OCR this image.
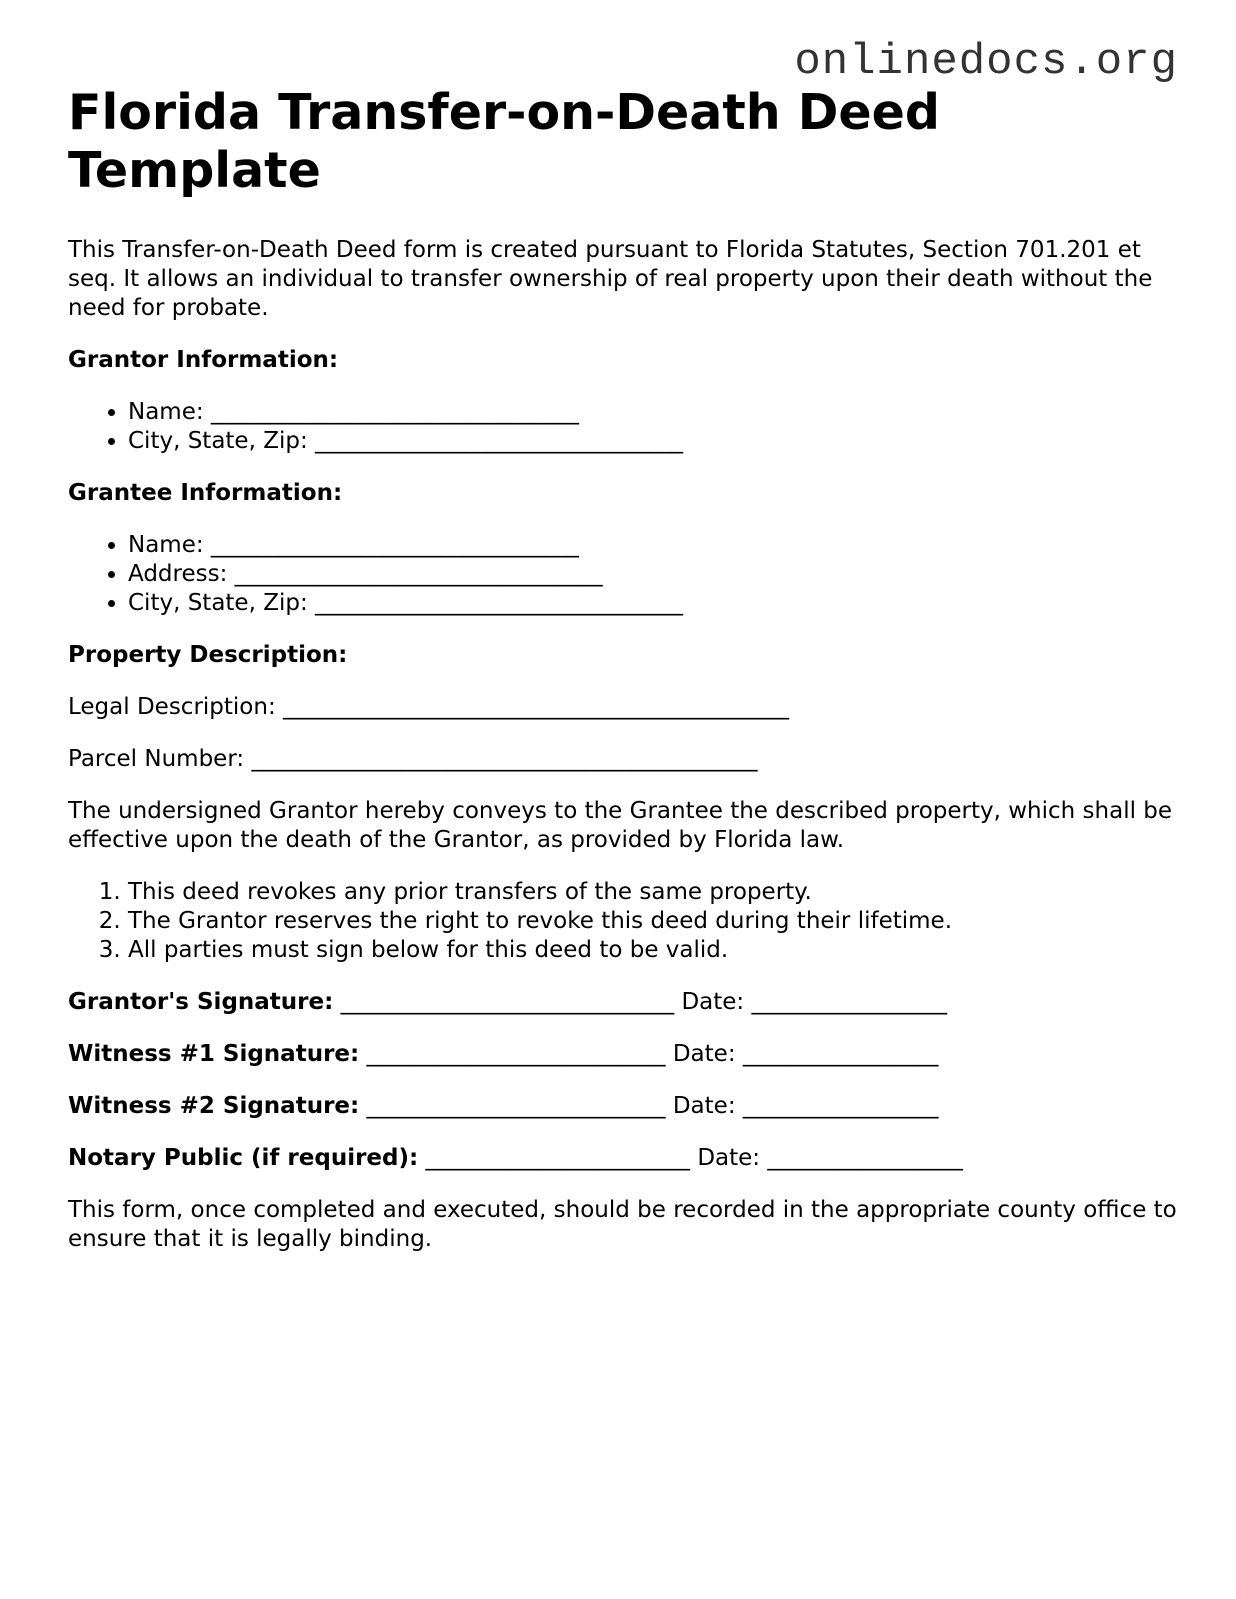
onlinedocs.org
Florida Transfer-on-Death Deed Template

This Transfer-on-Death Deed form is created pursuant to Florida Statutes, Section 701.201 et seq. It allows an individual to transfer ownership of real property upon their death without the need for probate.

Grantor Information:

• Name: ________________________________
• City, State, Zip: ________________________________

Grantee Information:

• Name: ________________________________
• Address: ________________________________
• City, State, Zip: ________________________________

Property Description:

Legal Description: ____________________________________________

Parcel Number: ____________________________________________

The undersigned Grantor hereby conveys to the Grantee the described property, which shall be effective upon the death of the Grantor, as provided by Florida law.

1. This deed revokes any prior transfers of the same property.
2. The Grantor reserves the right to revoke this deed during their lifetime.
3. All parties must sign below for this deed to be valid.

Grantor's Signature: _____________________________ Date: _________________

Witness #1 Signature: __________________________ Date: _________________

Witness #2 Signature: __________________________ Date: _________________

Notary Public (if required): _______________________ Date: _________________

This form, once completed and executed, should be recorded in the appropriate county office to ensure that it is legally binding.
